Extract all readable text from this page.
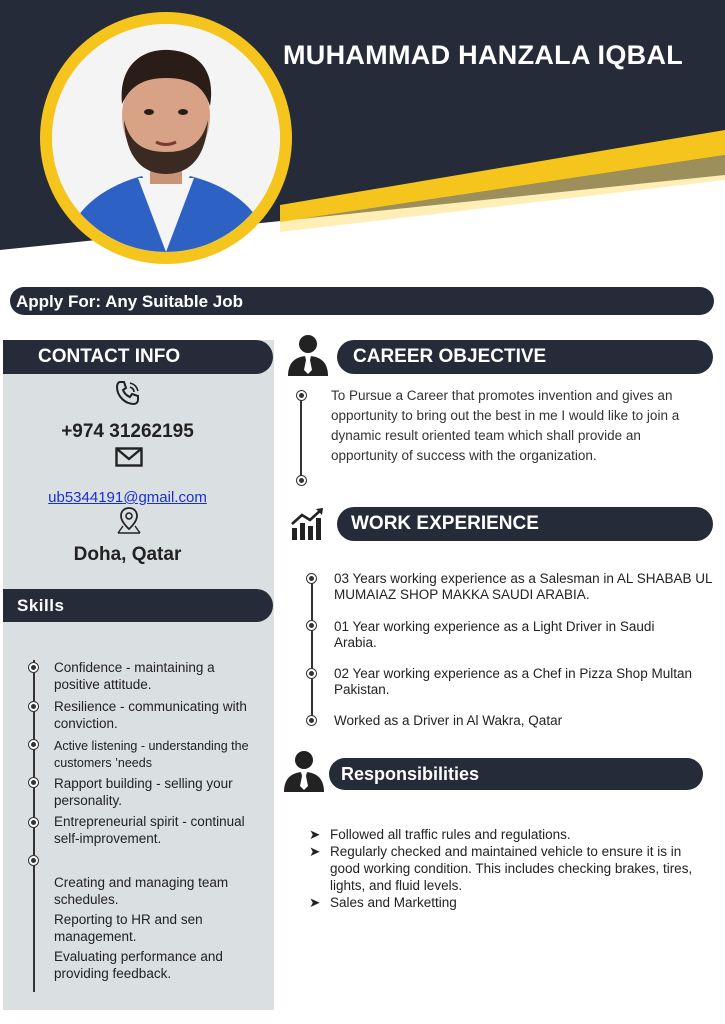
MUHAMMAD HANZALA IQBAL
Apply For: Any Suitable Job
CONTACT INFO
+974 31262195
ub5344191@gmail.com
Doha, Qatar
Skills
Confidence - maintaining a positive attitude.
Resilience - communicating with conviction.
Active listening - understanding the customers ’needs
Rapport building - selling your personality.
Entrepreneurial spirit - continual self-improvement.
Creating and managing team schedules.
Reporting to HR and sen management.
Evaluating performance and providing feedback.
CAREER OBJECTIVE
To Pursue a Career that promotes invention and gives an opportunity to bring out the best in me I would like to join a dynamic result oriented team which shall provide an opportunity of success with the organization.
WORK EXPERIENCE
03 Years working experience as a Salesman in AL SHABAB UL MUMAIAZ SHOP MAKKA SAUDI ARABIA.
01 Year working experience as a Light Driver in Saudi Arabia.
02 Year working experience as a Chef in Pizza Shop Multan Pakistan.
Worked as a Driver in Al Wakra, Qatar
Responsibilities
➤ Followed all traffic rules and regulations.
➤ Regularly checked and maintained vehicle to ensure it is in good working condition. This includes checking brakes, tires, lights, and fluid levels.
➤ Sales and Marketting
